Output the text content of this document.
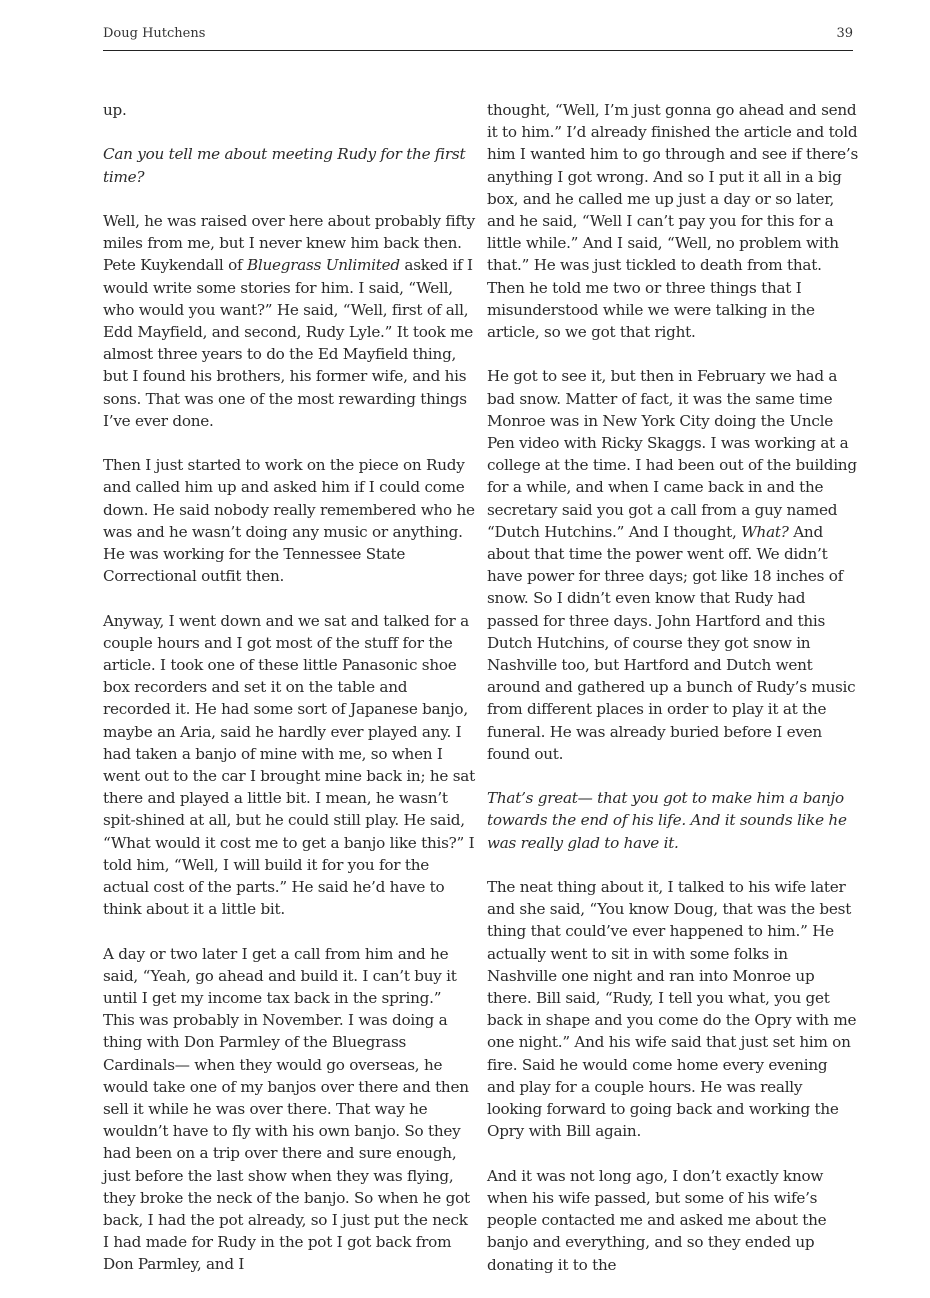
Doug Hutchens	39

up.

Can you tell me about meeting Rudy for the first time?

Well, he was raised over here about probably fifty miles from me, but I never knew him back then. Pete Kuykendall of Bluegrass Unlimited asked if I would write some stories for him. I said, “Well, who would you want?” He said, “Well, first of all, Edd Mayfield, and second, Rudy Lyle.” It took me almost three years to do the Ed Mayfield thing, but I found his brothers, his former wife, and his sons. That was one of the most rewarding things I’ve ever done.

Then I just started to work on the piece on Rudy and called him up and asked him if I could come down. He said nobody really remembered who he was and he wasn’t doing any music or anything. He was working for the Tennessee State Correctional outfit then.

Anyway, I went down and we sat and talked for a couple hours and I got most of the stuff for the article. I took one of these little Panasonic shoe box recorders and set it on the table and recorded it. He had some sort of Japanese banjo, maybe an Aria, said he hardly ever played any. I had taken a banjo of mine with me, so when I went out to the car I brought mine back in; he sat there and played a little bit. I mean, he wasn’t spit-shined at all, but he could still play. He said, “What would it cost me to get a banjo like this?” I told him, “Well, I will build it for you for the actual cost of the parts.” He said he’d have to think about it a little bit.

A day or two later I get a call from him and he said, “Yeah, go ahead and build it. I can’t buy it until I get my income tax back in the spring.” This was probably in November. I was doing a thing with Don Parmley of the Bluegrass Cardinals— when they would go overseas, he would take one of my banjos over there and then sell it while he was over there. That way he wouldn’t have to fly with his own banjo. So they had been on a trip over there and sure enough, just before the last show when they was flying, they broke the neck of the banjo. So when he got back, I had the pot already, so I just put the neck I had made for Rudy in the pot I got back from Don Parmley, and I

thought, “Well, I’m just gonna go ahead and send it to him.” I’d already finished the article and told him I wanted him to go through and see if there’s anything I got wrong. And so I put it all in a big box, and he called me up just a day or so later, and he said, “Well I can’t pay you for this for a little while.” And I said, “Well, no problem with that.” He was just tickled to death from that. Then he told me two or three things that I misunderstood while we were talking in the article, so we got that right.

He got to see it, but then in February we had a bad snow. Matter of fact, it was the same time Monroe was in New York City doing the Uncle Pen video with Ricky Skaggs. I was working at a college at the time. I had been out of the building for a while, and when I came back in and the secretary said you got a call from a guy named “Dutch Hutchins.” And I thought, What? And about that time the power went off. We didn’t have power for three days; got like 18 inches of snow. So I didn’t even know that Rudy had passed for three days. John Hartford and this Dutch Hutchins, of course they got snow in Nashville too, but Hartford and Dutch went around and gathered up a bunch of Rudy’s music from different places in order to play it at the funeral. He was already buried before I even found out.

That’s great— that you got to make him a banjo towards the end of his life. And it sounds like he was really glad to have it.

The neat thing about it, I talked to his wife later and she said, “You know Doug, that was the best thing that could’ve ever happened to him.” He actually went to sit in with some folks in Nashville one night and ran into Monroe up there. Bill said, “Rudy, I tell you what, you get back in shape and you come do the Opry with me one night.” And his wife said that just set him on fire. Said he would come home every evening and play for a couple hours. He was really looking forward to going back and working the Opry with Bill again.

And it was not long ago, I don’t exactly know when his wife passed, but some of his wife’s people contacted me and asked me about the banjo and everything, and so they ended up donating it to the
